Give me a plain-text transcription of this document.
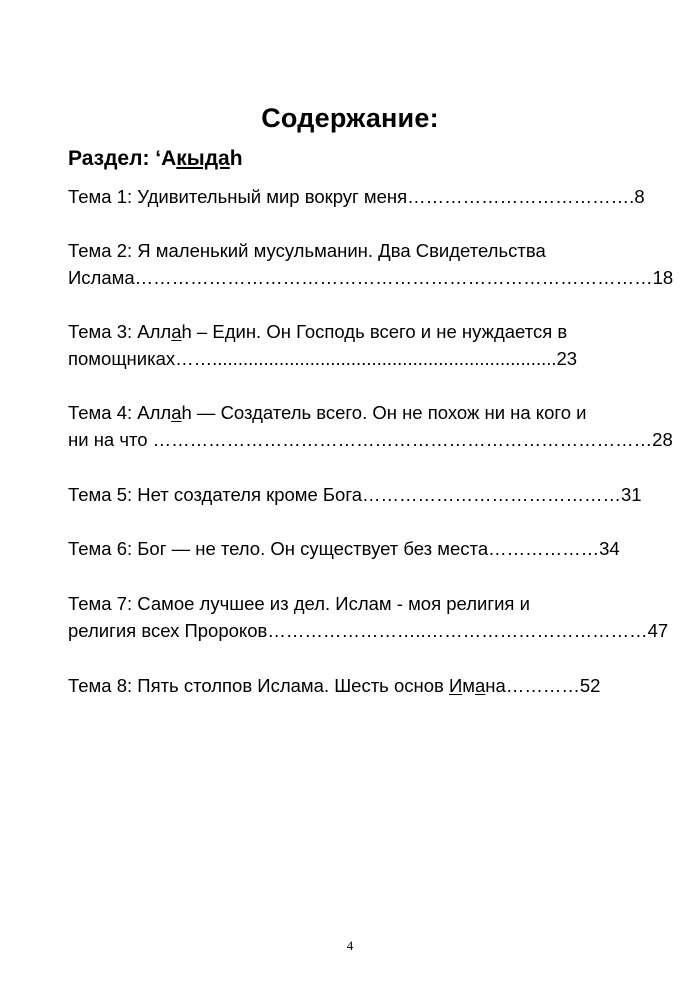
Содержание:
Раздел: ‘Акыдаh
Тема 1: Удивительный мир вокруг меня……………………………….8
Тема 2: Я маленький мусульманин. Два Свидетельства
Ислама…………………………………………………………………………18
Тема 3: Аллаh – Един. Он Господь всего и не нуждается в
помощниках……...................................................................23
Тема 4: Аллаh — Создатель всего. Он не похож ни на кого и
ни на что ………………………………………………………………………28
Тема 5: Нет создателя кроме Бога……………………………………31
Тема 6: Бог — не тело. Он существует без места………………34
Тема 7: Самое лучшее из дел. Ислам - моя религия и
религия всех Пророков……………………..………………………………47
Тема 8: Пять столпов Ислама. Шесть основ Имана…………52
4
